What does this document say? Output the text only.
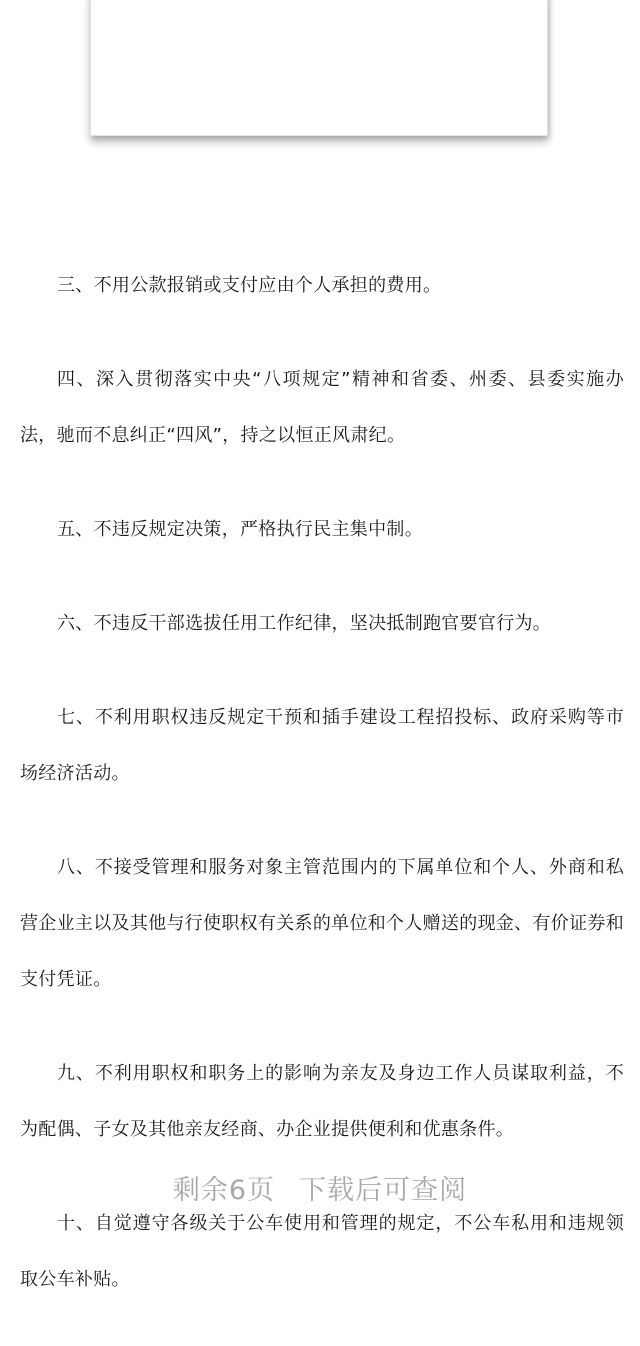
三、不用公款报销或支付应由个人承担的费用。

四、深入贯彻落实中央“八项规定”精神和省委、州委、县委实施办法，驰而不息纠正“四风”，持之以恒正风肃纪。

五、不违反规定决策，严格执行民主集中制。

六、不违反干部选拔任用工作纪律，坚决抵制跑官要官行为。

七、不利用职权违反规定干预和插手建设工程招投标、政府采购等市场经济活动。

八、不接受管理和服务对象主管范围内的下属单位和个人、外商和私营企业主以及其他与行使职权有关系的单位和个人赠送的现金、有价证券和支付凭证。

九、不利用职权和职务上的影响为亲友及身边工作人员谋取利益，不为配偶、子女及其他亲友经商、办企业提供便利和优惠条件。

十、自觉遵守各级关于公车使用和管理的规定，不公车私用和违规领取公车补贴。

剩余6页 下载后可查阅
